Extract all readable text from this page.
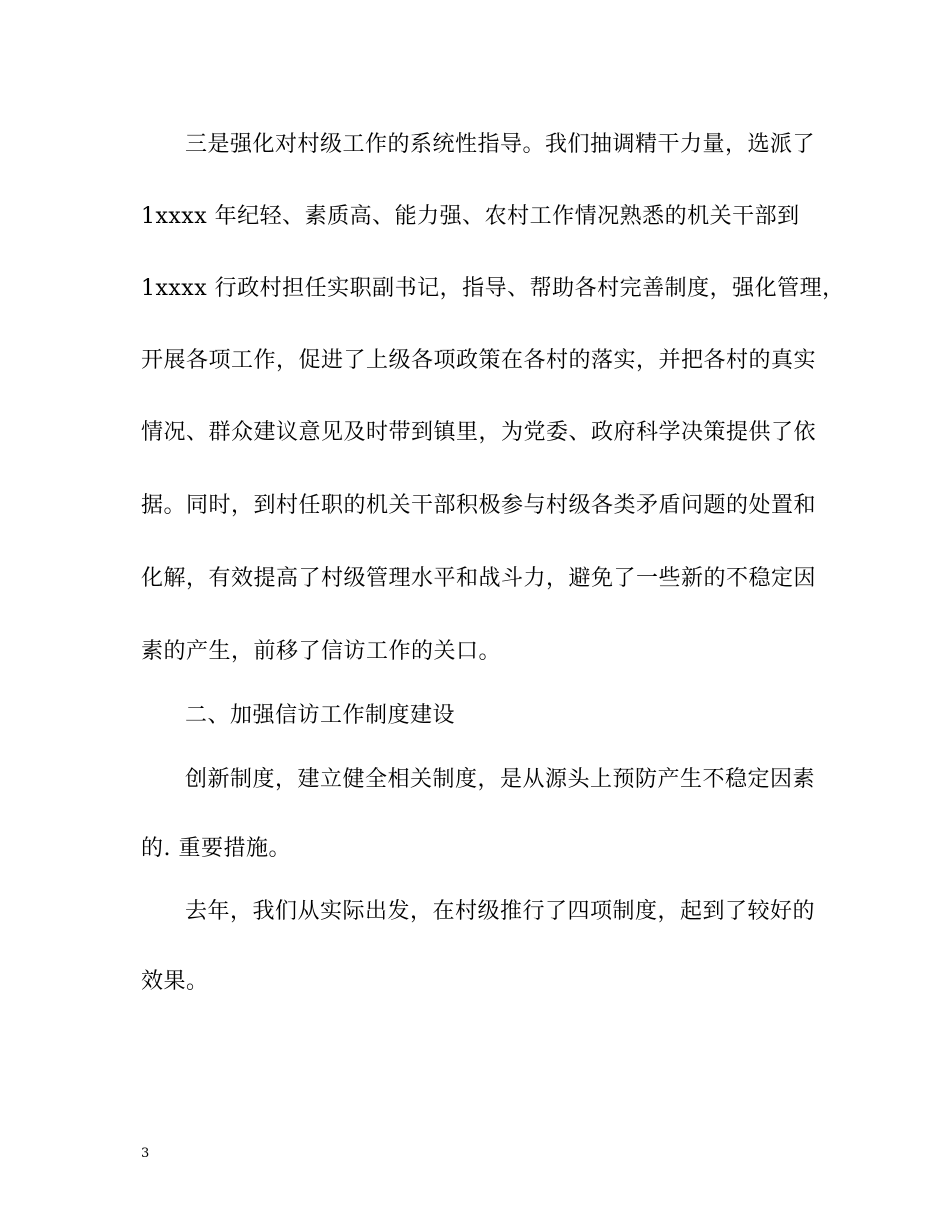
三是强化对村级工作的系统性指导。我们抽调精干力量，选派了
1xxxx 年纪轻、素质高、能力强、农村工作情况熟悉的机关干部到
1xxxx 行政村担任实职副书记，指导、帮助各村完善制度，强化管理，
开展各项工作，促进了上级各项政策在各村的落实，并把各村的真实
情况、群众建议意见及时带到镇里，为党委、政府科学决策提供了依
据。同时，到村任职的机关干部积极参与村级各类矛盾问题的处置和
化解，有效提高了村级管理水平和战斗力，避免了一些新的不稳定因
素的产生，前移了信访工作的关口。
二、加强信访工作制度建设
创新制度，建立健全相关制度，是从源头上预防产生不稳定因素
的. 重要措施。
去年，我们从实际出发，在村级推行了四项制度，起到了较好的
效果。
3
